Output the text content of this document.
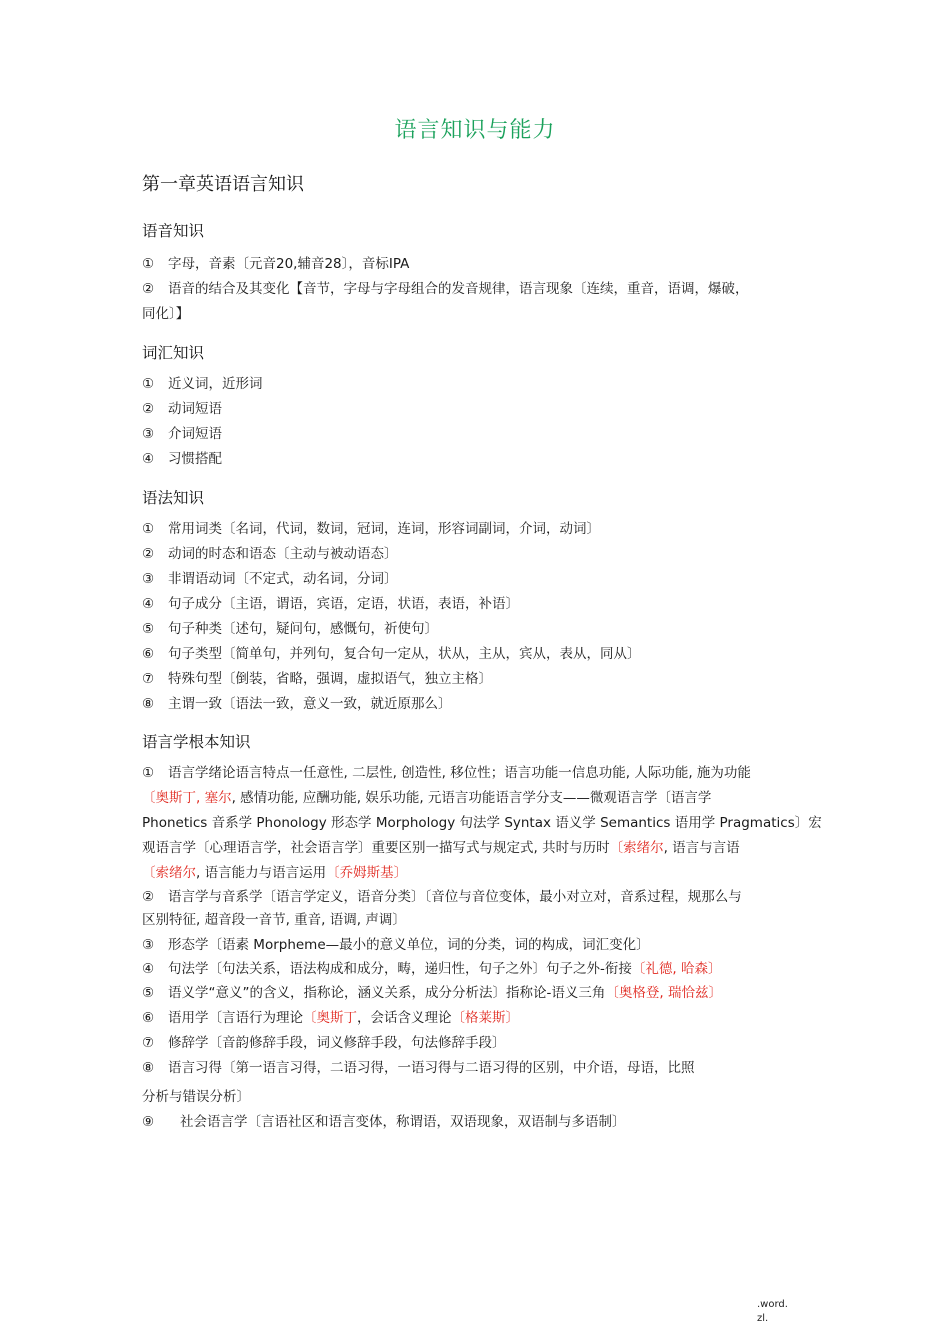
语言知识与能力
第一章英语语言知识
语音知识
① 字母，音素〔元音20,辅音28〕，音标IPA
② 语音的结合及其变化【音节，字母与字母组合的发音规律，语言现象〔连续，重音，语调，爆破，
同化〕】
词汇知识
① 近义词，近形词
② 动词短语
③ 介词短语
④ 习惯搭配
语法知识
① 常用词类〔名词，代词，数词，冠词，连词，形容词副词，介词，动词〕
② 动词的时态和语态〔主动与被动语态〕
③ 非谓语动词〔不定式，动名词，分词〕
④ 句子成分〔主语，谓语，宾语，定语，状语，表语，补语〕
⑤ 句子种类〔述句，疑问句，感慨句，祈使句〕
⑥ 句子类型〔简单句，并列句，复合句一定从，状从，主从，宾从，表从，同从〕
⑦ 特殊句型〔倒装，省略，强调，虚拟语气，独立主格〕
⑧ 主谓一致〔语法一致，意义一致，就近原那么〕
语言学根本知识
① 语言学绪论语言特点一任意性, 二层性, 创造性, 移位性；语言功能一信息功能, 人际功能, 施为功能
〔奥斯丁, 塞尔, 感情功能, 应酬功能, 娱乐功能, 元语言功能语言学分支——微观语言学〔语言学
Phonetics 音系学 Phonology 形态学 Morphology 句法学 Syntax 语义学 Semantics 语用学 Pragmatics〕宏
观语言学〔心理语言学，社会语言学〕重要区别一描写式与规定式, 共时与历时〔索绪尔, 语言与言语
〔索绪尔, 语言能力与语言运用〔乔姆斯基〕
② 语言学与音系学〔语言学定义，语音分类〕〔音位与音位变体，最小对立对，音系过程，规那么与
区别特征, 超音段一音节, 重音, 语调, 声调〕
③ 形态学〔语素 Morpheme—最小的意义单位，词的分类，词的构成，词汇变化〕
④ 句法学〔句法关系，语法构成和成分，畴，递归性，句子之外〕句子之外-衔接〔礼德, 哈森〕
⑤ 语义学“意义”的含义，指称论，涵义关系，成分分析法〕指称论-语义三角〔奥格登, 瑞恰兹〕
⑥ 语用学〔言语行为理论〔奥斯丁，会话含义理论〔格莱斯〕
⑦ 修辞学〔音韵修辞手段，词义修辞手段，句法修辞手段〕
⑧ 语言习得〔第一语言习得，二语习得，一语习得与二语习得的区别，中介语，母语，比照
分析与错误分析〕
⑨ 社会语言学〔言语社区和语言变体，称谓语，双语现象，双语制与多语制〕
.word.
zl.
